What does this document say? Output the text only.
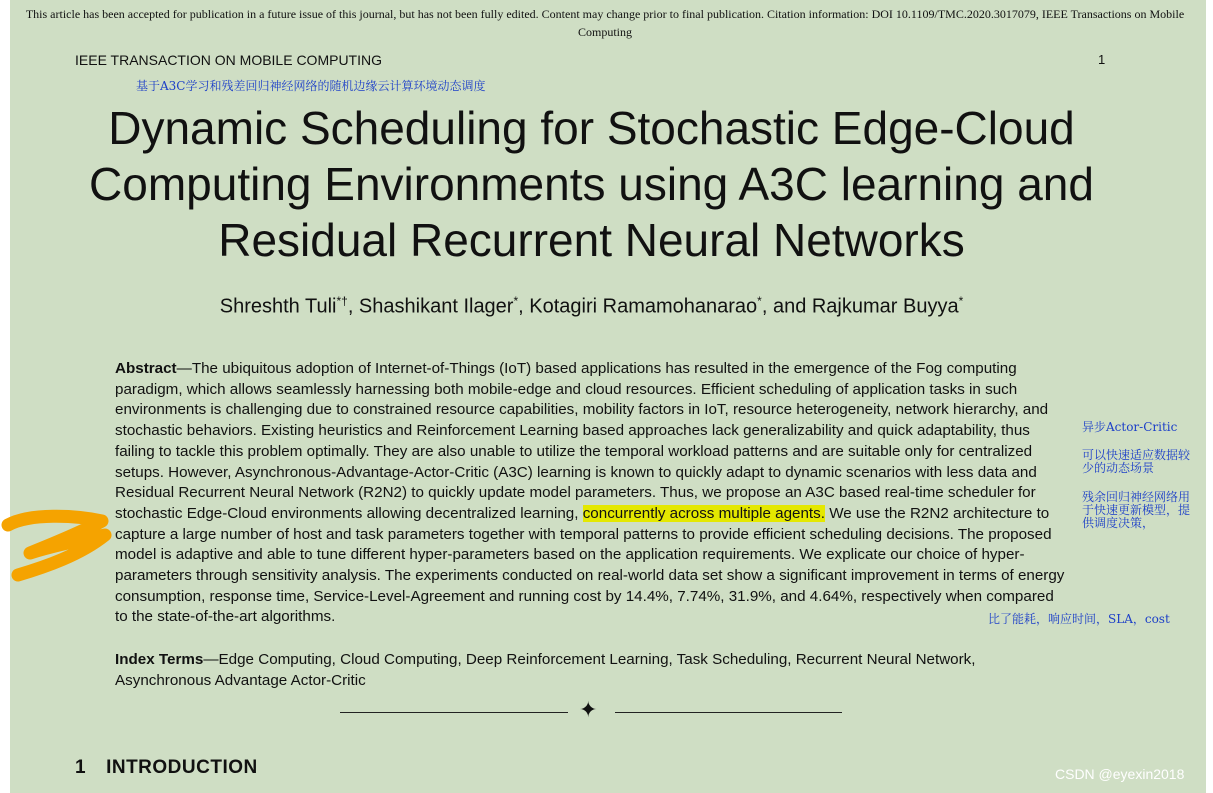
This article has been accepted for publication in a future issue of this journal, but has not been fully edited. Content may change prior to final publication. Citation information: DOI 10.1109/TMC.2020.3017079, IEEE Transactions on Mobile Computing
IEEE TRANSACTION ON MOBILE COMPUTING	1
基于A3C学习和残差回归神经网络的随机边缘云计算环境动态调度
Dynamic Scheduling for Stochastic Edge-Cloud Computing Environments using A3C learning and Residual Recurrent Neural Networks
Shreshth Tuli*†, Shashikant Ilager*, Kotagiri Ramamohanarao*, and Rajkumar Buyya*

Abstract—The ubiquitous adoption of Internet-of-Things (IoT) based applications has resulted in the emergence of the Fog computing paradigm, which allows seamlessly harnessing both mobile-edge and cloud resources. Efficient scheduling of application tasks in such environments is challenging due to constrained resource capabilities, mobility factors in IoT, resource heterogeneity, network hierarchy, and stochastic behaviors. Existing heuristics and Reinforcement Learning based approaches lack generalizability and quick adaptability, thus failing to tackle this problem optimally. They are also unable to utilize the temporal workload patterns and are suitable only for centralized setups. However, Asynchronous-Advantage-Actor-Critic (A3C) learning is known to quickly adapt to dynamic scenarios with less data and Residual Recurrent Neural Network (R2N2) to quickly update model parameters. Thus, we propose an A3C based real-time scheduler for stochastic Edge-Cloud environments allowing decentralized learning, concurrently across multiple agents. We use the R2N2 architecture to capture a large number of host and task parameters together with temporal patterns to provide efficient scheduling decisions. The proposed model is adaptive and able to tune different hyper-parameters based on the application requirements. We explicate our choice of hyper-parameters through sensitivity analysis. The experiments conducted on real-world data set show a significant improvement in terms of energy consumption, response time, Service-Level-Agreement and running cost by 14.4%, 7.74%, 31.9%, and 4.64%, respectively when compared to the state-of-the-art algorithms.

异步Actor-Critic
可以快速适应数据较少的动态场景
残余回归神经网络用于快速更新模型，提供调度决策，
比了能耗，响应时间，SLA，cost

Index Terms—Edge Computing, Cloud Computing, Deep Reinforcement Learning, Task Scheduling, Recurrent Neural Network, Asynchronous Advantage Actor-Critic

✦
1 INTRODUCTION	CSDN @eyexin2018
